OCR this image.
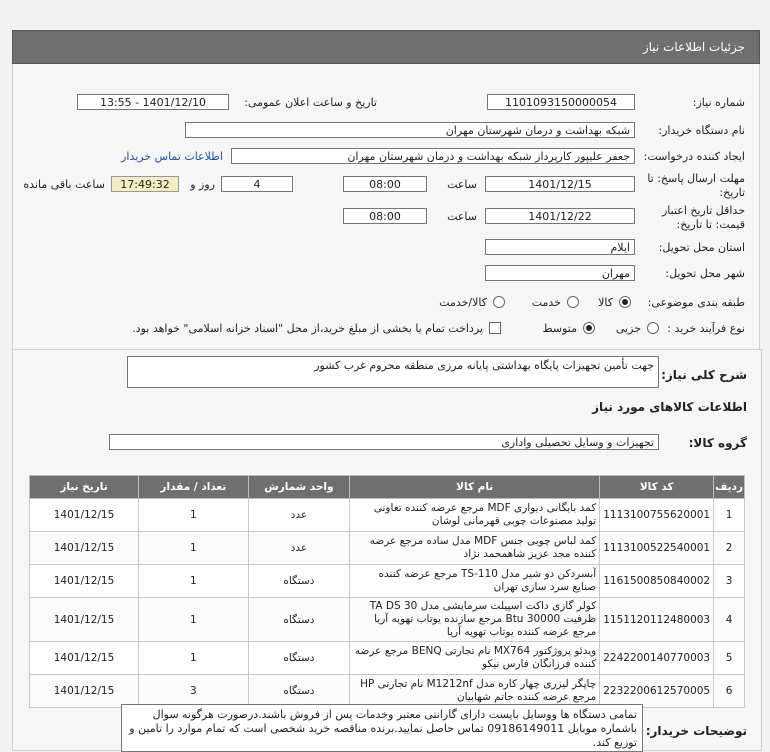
جزئیات اطلاعات نیاز
شماره نیاز:
1101093150000054
تاریخ و ساعت اعلان عمومی:
1401/12/10 - 13:55
نام دستگاه خریدار:
شبکه بهداشت و درمان شهرستان مهران
ایجاد کننده درخواست:
جعفر علیپور کارپرداز شبکه بهداشت و درمان شهرستان مهران
اطلاعات تماس خریدار
مهلت ارسال پاسخ: تا
تاریخ:
1401/12/15
ساعت
08:00
4
روز و
17:49:32
ساعت باقی مانده
حداقل تاریخ اعتبار
قیمت: تا تاریخ:
1401/12/22
ساعت
08:00
استان محل تحویل:
ایلام
شهر محل تحویل:
مهران
طبقه بندی موضوعی:
کالا
خدمت
کالا/خدمت
نوع فرآیند خرید :
جزیی
متوسط
پرداخت تمام یا بخشی از مبلغ خرید،از محل "اسناد خزانه اسلامی" خواهد بود.
شرح کلی نیاز:
جهت تأمین تجهیزات پایگاه بهداشتی پایانه مرزی منطقه محروم غرب کشور
اطلاعات کالاهای مورد نیاز
گروه کالا:
تجهیزات و وسایل تحصیلی واداری
ردیف	کد کالا	نام کالا	واحد شمارش	تعداد / مقدار	تاریخ نیاز
1	1113100755620001	کمد بایگانی دیواری MDF مرجع عرضه کننده تعاونی تولید مصنوعات چوبی قهرمانی لوشان	عدد	1	1401/12/15
2	1113100522540001	کمد لباس چوبی جنس MDF مدل ساده مرجع عرضه کننده مجد عزیز شاهمحمد نژاد	عدد	1	1401/12/15
3	1161500850840002	آبسردکن دو شیر مدل TS-110 مرجع عرضه کننده صنایع سرد سازی تهران	دستگاه	1	1401/12/15
4	1151120112480003	کولر گازی داکت اسپیلت سرمایشی مدل TA DS 30 ظرفیت 30000 Btu مرجع سازنده یوتاب تهویه آریا مرجع عرضه کننده یوتاب تهویه آریا	دستگاه	1	1401/12/15
5	2242200140770003	ویدئو پروژکتور MX764 نام تجارتی BENQ مرجع عرضه کننده فرزانگان فارس نیکو	دستگاه	1	1401/12/15
6	2232200612570005	چاپگر لیزری چهار کاره مدل M1212nf نام تجارتی HP مرجع عرضه کننده حاتم شهابیان	دستگاه	3	1401/12/15
توضیحات خریدار:
تمامی دستگاه ها ووسایل بایست دارای گارانتی معتبر وخدمات پس از فروش باشند.درصورت هرگونه سوال باشماره موبایل 09186149011 تماس حاصل نمایید.برنده مناقصه خرید شخصی است که تمام موارد را تامین و توزیع کند.
